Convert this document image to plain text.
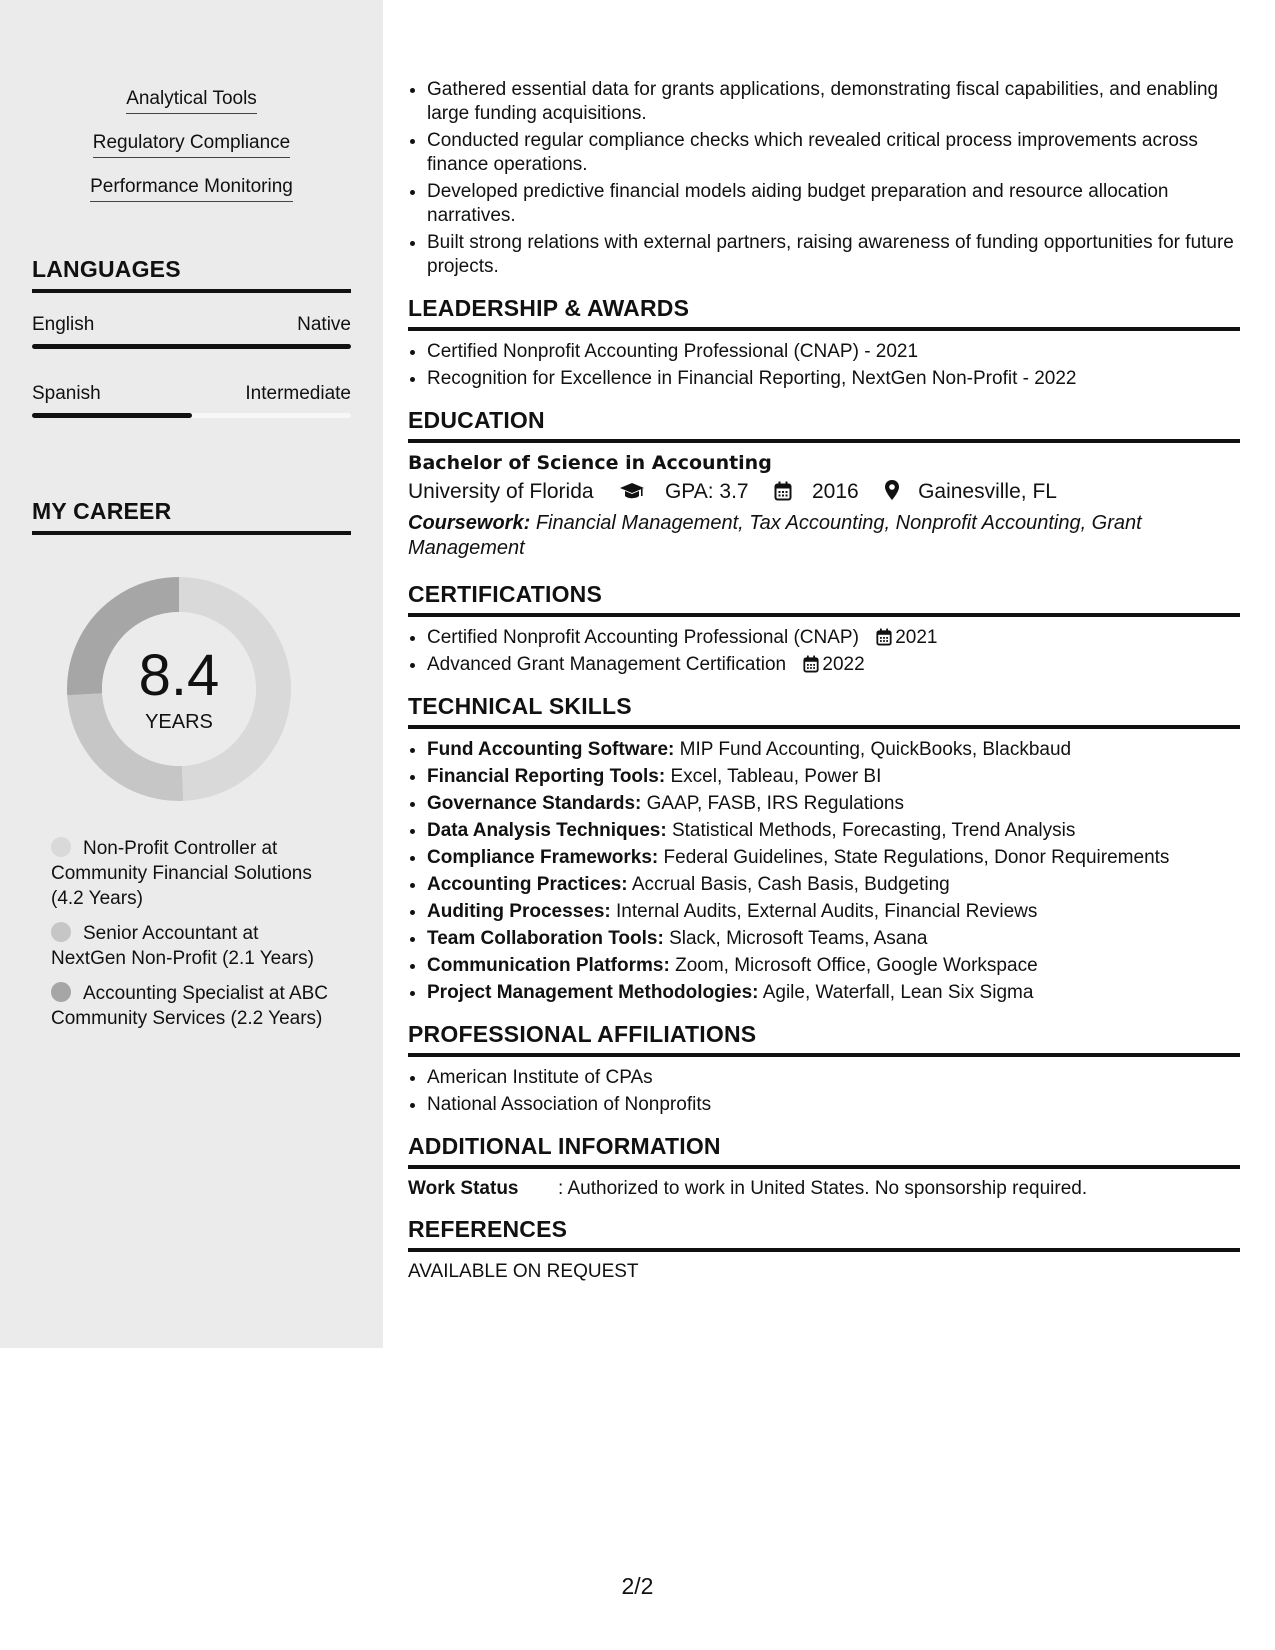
Analytical Tools
Regulatory Compliance
Performance Monitoring
LANGUAGES
English	Native
Spanish	Intermediate
MY CAREER
8.4
YEARS
Non-Profit Controller at Community Financial Solutions (4.2 Years)
Senior Accountant at NextGen Non-Profit (2.1 Years)
Accounting Specialist at ABC Community Services (2.2 Years)
• Gathered essential data for grants applications, demonstrating fiscal capabilities, and enabling large funding acquisitions.
• Conducted regular compliance checks which revealed critical process improvements across finance operations.
• Developed predictive financial models aiding budget preparation and resource allocation narratives.
• Built strong relations with external partners, raising awareness of funding opportunities for future projects.
LEADERSHIP & AWARDS
• Certified Nonprofit Accounting Professional (CNAP) - 2021
• Recognition for Excellence in Financial Reporting, NextGen Non-Profit - 2022
EDUCATION
Bachelor of Science in Accounting
University of Florida	GPA: 3.7	2016	Gainesville, FL
Coursework: Financial Management, Tax Accounting, Nonprofit Accounting, Grant Management
CERTIFICATIONS
• Certified Nonprofit Accounting Professional (CNAP) 2021
• Advanced Grant Management Certification 2022
TECHNICAL SKILLS
• Fund Accounting Software: MIP Fund Accounting, QuickBooks, Blackbaud
• Financial Reporting Tools: Excel, Tableau, Power BI
• Governance Standards: GAAP, FASB, IRS Regulations
• Data Analysis Techniques: Statistical Methods, Forecasting, Trend Analysis
• Compliance Frameworks: Federal Guidelines, State Regulations, Donor Requirements
• Accounting Practices: Accrual Basis, Cash Basis, Budgeting
• Auditing Processes: Internal Audits, External Audits, Financial Reviews
• Team Collaboration Tools: Slack, Microsoft Teams, Asana
• Communication Platforms: Zoom, Microsoft Office, Google Workspace
• Project Management Methodologies: Agile, Waterfall, Lean Six Sigma
PROFESSIONAL AFFILIATIONS
• American Institute of CPAs
• National Association of Nonprofits
ADDITIONAL INFORMATION
Work Status : Authorized to work in United States. No sponsorship required.
REFERENCES
AVAILABLE ON REQUEST
2/2
